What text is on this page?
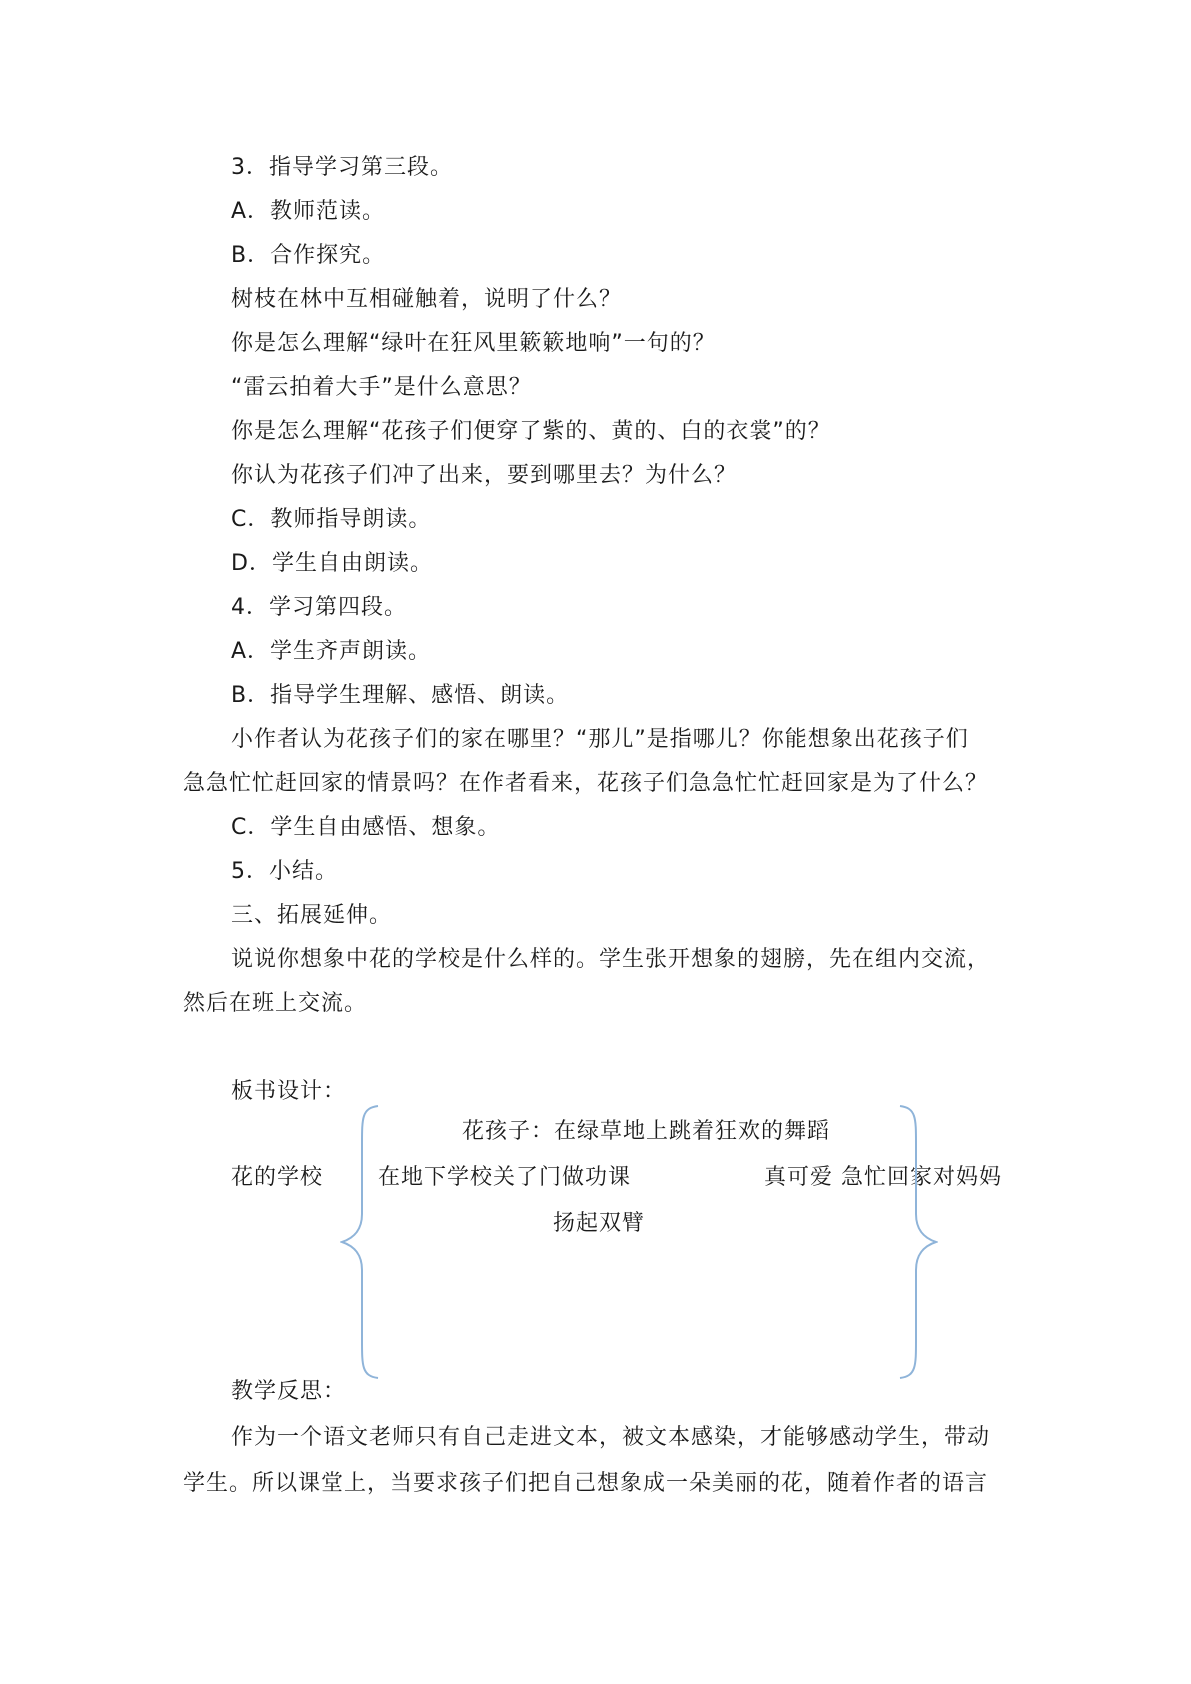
3．指导学习第三段。
A．教师范读。
B．合作探究。
树枝在林中互相碰触着，说明了什么？
你是怎么理解“绿叶在狂风里簌簌地响”一句的？
“雷云拍着大手”是什么意思？
你是怎么理解“花孩子们便穿了紫的、黄的、白的衣裳”的？
你认为花孩子们冲了出来，要到哪里去？为什么？
C．教师指导朗读。
D．学生自由朗读。
4．学习第四段。
A．学生齐声朗读。
B．指导学生理解、感悟、朗读。
小作者认为花孩子们的家在哪里？“那儿”是指哪儿？你能想象出花孩子们
急急忙忙赶回家的情景吗？在作者看来，花孩子们急急忙忙赶回家是为了什么？
C．学生自由感悟、想象。
5．小结。
三、拓展延伸。
说说你想象中花的学校是什么样的。学生张开想象的翅膀，先在组内交流，
然后在班上交流。
板书设计：
花孩子：在绿草地上跳着狂欢的舞蹈
花的学校 在地下学校关了门做功课	真可爱 急忙回家对妈妈
扬起双臂
教学反思：
作为一个语文老师只有自己走进文本，被文本感染，才能够感动学生，带动
学生。所以课堂上，当要求孩子们把自己想象成一朵美丽的花，随着作者的语言
